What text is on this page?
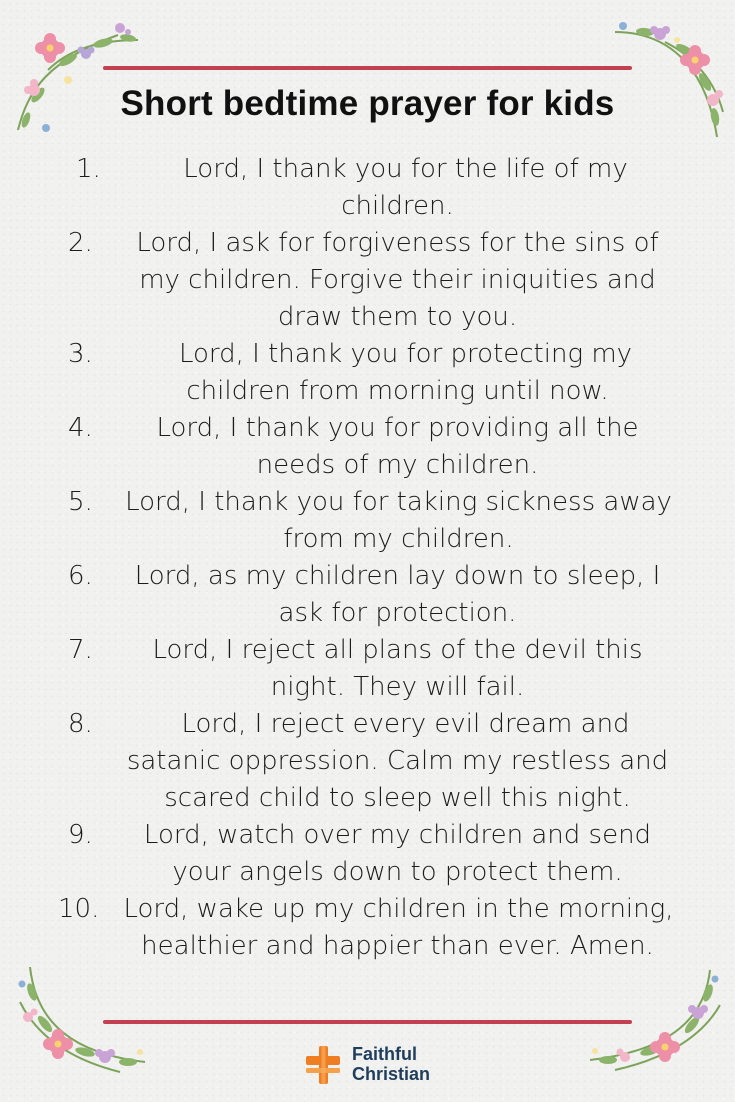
Short bedtime prayer for kids
1.	Lord, I thank you for the life of my
children.
2.	Lord, I ask for forgiveness for the sins of
my children. Forgive their iniquities and
draw them to you.
3.	Lord, I thank you for protecting my
children from morning until now.
4.	Lord, I thank you for providing all the
needs of my children.
5.	Lord, I thank you for taking sickness away
from my children.
6.	Lord, as my children lay down to sleep, I
ask for protection.
7.	Lord, I reject all plans of the devil this
night. They will fail.
8.	Lord, I reject every evil dream and
satanic oppression. Calm my restless and
scared child to sleep well this night.
9.	Lord, watch over my children and send
your angels down to protect them.
10. Lord, wake up my children in the morning,
healthier and happier than ever. Amen.
Faithful
Christian
